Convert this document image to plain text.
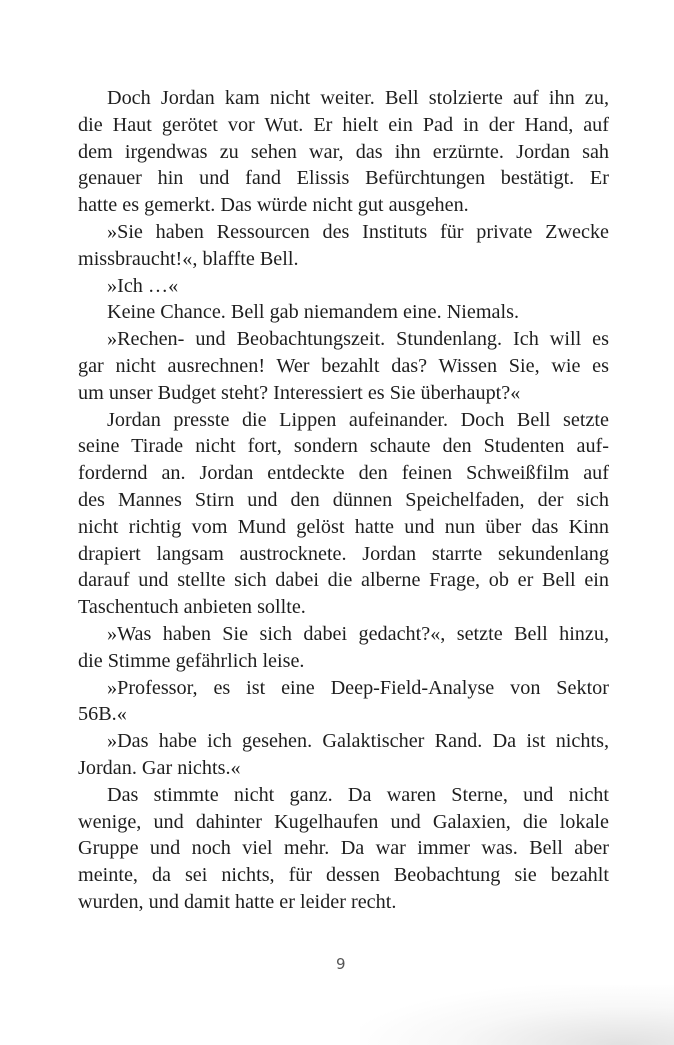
Doch Jordan kam nicht weiter. Bell stolzierte auf ihn zu,
die Haut gerötet vor Wut. Er hielt ein Pad in der Hand, auf
dem irgendwas zu sehen war, das ihn erzürnte. Jordan sah
genauer hin und fand Elissis Befürchtungen bestätigt. Er
hatte es gemerkt. Das würde nicht gut ausgehen.

»Sie haben Ressourcen des Instituts für private Zwecke
missbraucht!«, blaffte Bell.

»Ich …«

Keine Chance. Bell gab niemandem eine. Niemals.

»Rechen- und Beobachtungszeit. Stundenlang. Ich will es
gar nicht ausrechnen! Wer bezahlt das? Wissen Sie, wie es
um unser Budget steht? Interessiert es Sie überhaupt?«

Jordan presste die Lippen aufeinander. Doch Bell setzte
seine Tirade nicht fort, sondern schaute den Studenten auf-
fordernd an. Jordan entdeckte den feinen Schweißfilm auf
des Mannes Stirn und den dünnen Speichelfaden, der sich
nicht richtig vom Mund gelöst hatte und nun über das Kinn
drapiert langsam austrocknete. Jordan starrte sekundenlang
darauf und stellte sich dabei die alberne Frage, ob er Bell ein
Taschentuch anbieten sollte.

»Was haben Sie sich dabei gedacht?«, setzte Bell hinzu,
die Stimme gefährlich leise.

»Professor, es ist eine Deep-Field-Analyse von Sektor
56B.«

»Das habe ich gesehen. Galaktischer Rand. Da ist nichts,
Jordan. Gar nichts.«

Das stimmte nicht ganz. Da waren Sterne, und nicht
wenige, und dahinter Kugelhaufen und Galaxien, die lokale
Gruppe und noch viel mehr. Da war immer was. Bell aber
meinte, da sei nichts, für dessen Beobachtung sie bezahlt
wurden, und damit hatte er leider recht.

9
